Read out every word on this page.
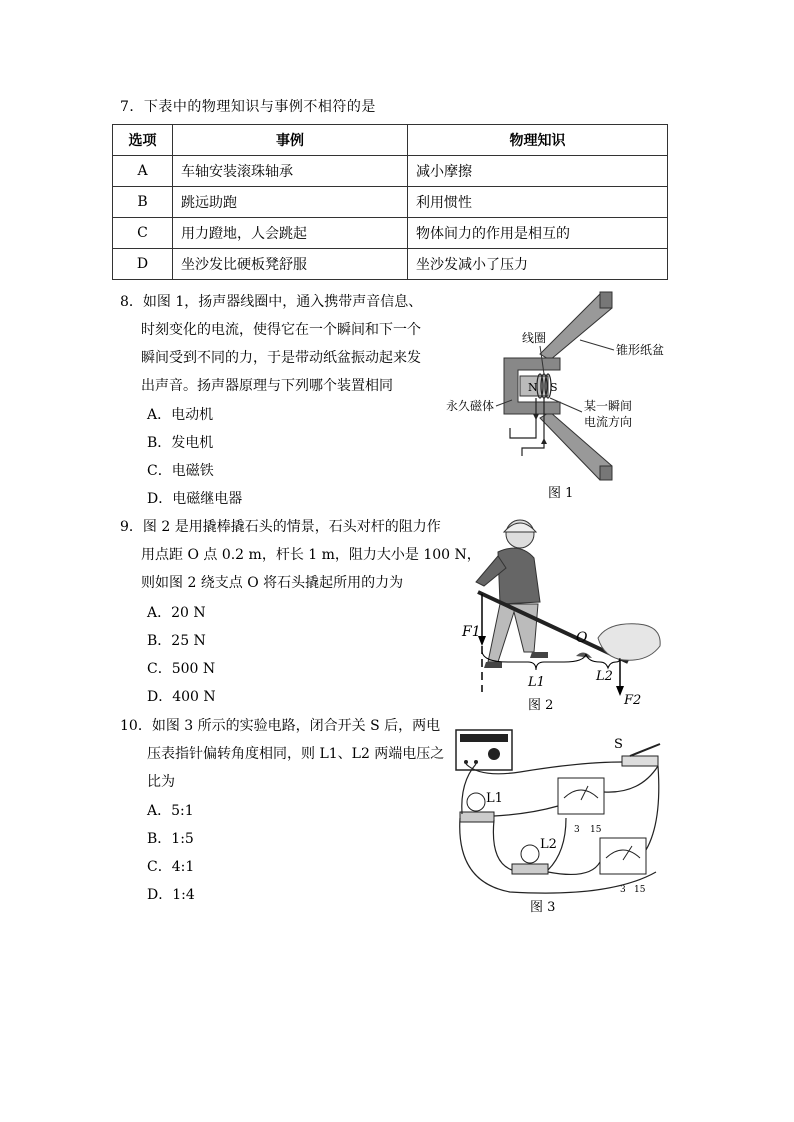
7．下表中的物理知识与事例不相符的是
选项	事例	物理知识
A	车轴安装滚珠轴承	减小摩擦
B	跳远助跑	利用惯性
C	用力蹬地，人会跳起	物体间力的作用是相互的
D	坐沙发比硬板凳舒服	坐沙发减小了压力
8．如图 1，扬声器线圈中，通入携带声音信息、
时刻变化的电流，使得它在一个瞬间和下一个
瞬间受到不同的力，于是带动纸盆振动起来发
出声音。扬声器原理与下列哪个装置相同
A．电动机
B．发电机
C．电磁铁
D．电磁继电器
N S
线圈
锥形纸盆
永久磁体	某一瞬间
电流方向
图 1
9．图 2 是用撬棒撬石头的情景，石头对杆的阻力作
用点距 O 点 0.2 m，杆长 1 m，阻力大小是 100 N，
则如图 2 绕支点 O 将石头撬起所用的力为
A．20 N
B．25 N
C．500 N
D．400 N
F1
F2
O
L1	L2
图 2
10．如图 3 所示的实验电路，闭合开关 S 后，两电
压表指针偏转角度相同，则 L1、L2 两端电压之
比为
A．5:1
B．1:5
C．4:1
D．1:4
S
L1
L2
3 15
3 15
图 3
